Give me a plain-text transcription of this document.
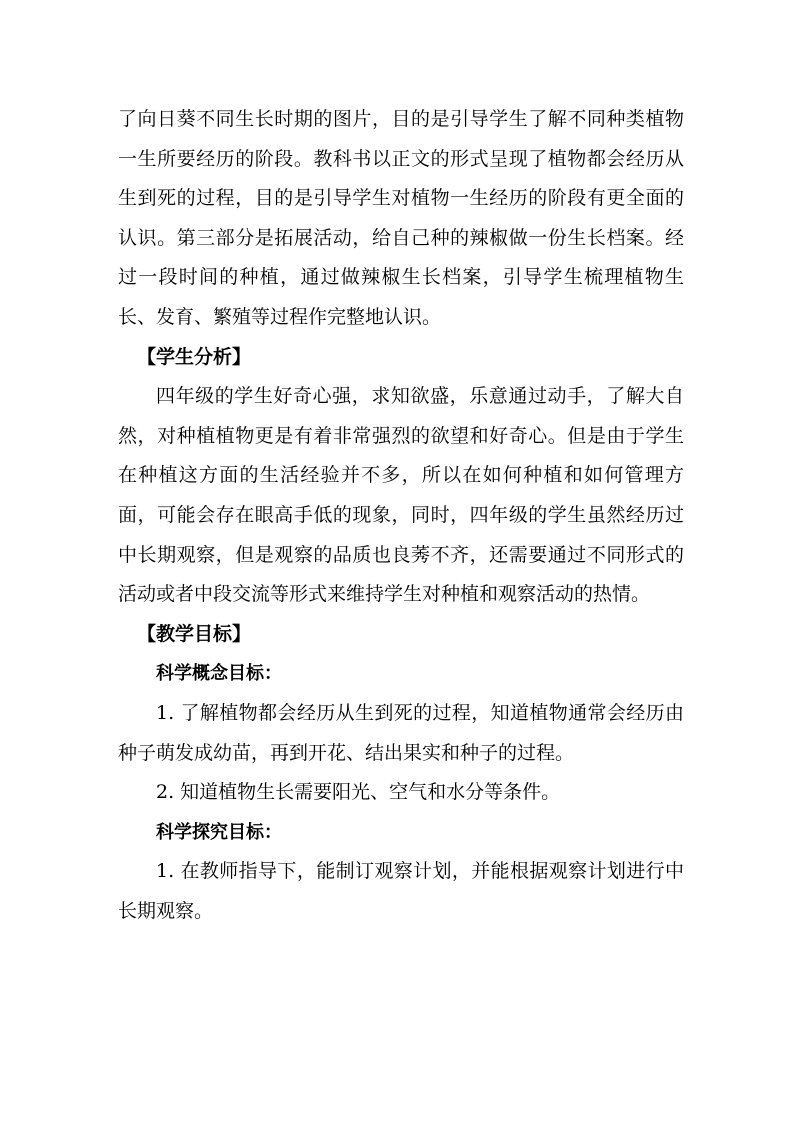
了向日葵不同生长时期的图片，目的是引导学生了解不同种类植物一生所要经历的阶段。教科书以正文的形式呈现了植物都会经历从生到死的过程，目的是引导学生对植物一生经历的阶段有更全面的认识。第三部分是拓展活动，给自己种的辣椒做一份生长档案。经过一段时间的种植，通过做辣椒生长档案，引导学生梳理植物生长、发育、繁殖等过程作完整地认识。

【学生分析】

四年级的学生好奇心强，求知欲盛，乐意通过动手，了解大自然，对种植植物更是有着非常强烈的欲望和好奇心。但是由于学生在种植这方面的生活经验并不多，所以在如何种植和如何管理方面，可能会存在眼高手低的现象，同时，四年级的学生虽然经历过中长期观察，但是观察的品质也良莠不齐，还需要通过不同形式的活动或者中段交流等形式来维持学生对种植和观察活动的热情。

【教学目标】

科学概念目标：

1. 了解植物都会经历从生到死的过程，知道植物通常会经历由种子萌发成幼苗，再到开花、结出果实和种子的过程。

2. 知道植物生长需要阳光、空气和水分等条件。

科学探究目标：

1. 在教师指导下，能制订观察计划，并能根据观察计划进行中长期观察。
